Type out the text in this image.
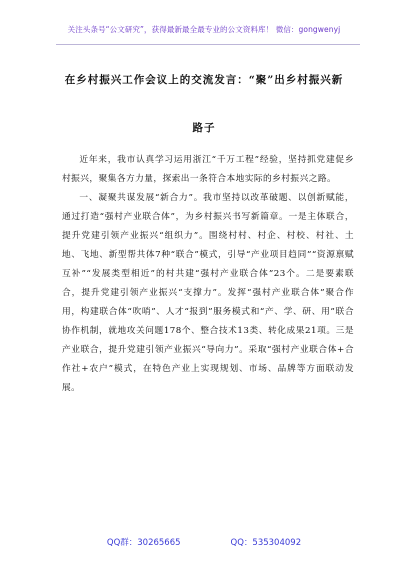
关注头条号“公文研究”，获得最新最全最专业的公文资料库！ 微信：gongwenyj
在乡村振兴工作会议上的交流发言：“聚”出乡村振兴新
路子

近年来，我市认真学习运用浙江“千万工程”经验，坚持抓党建促乡村振兴，聚集各方力量，探索出一条符合本地实际的乡村振兴之路。

一、凝聚共谋发展“新合力”。我市坚持以改革破题、以创新赋能，通过打造“强村产业联合体”，为乡村振兴书写新篇章。一是主体联合，提升党建引领产业振兴“组织力”。围绕村村、村企、村校、村社、土地、飞地、新型帮共体7种“联合”模式，引导“产业项目趋同”“资源禀赋互补”“发展类型相近”的村共建“强村产业联合体”23个。二是要素联合，提升党建引领产业振兴“支撑力”。发挥“强村产业联合体”聚合作用，构建联合体“吹哨”、人才“报到”服务模式和“产、学、研、用”联合协作机制，就地攻关问题178个、整合技术13类、转化成果21项。三是产业联合，提升党建引领产业振兴“导向力”。采取“强村产业联合体+合作社+农户”模式，在特色产业上实现规划、市场、品牌等方面联动发展。

QQ群：30265665	QQ：535304092
